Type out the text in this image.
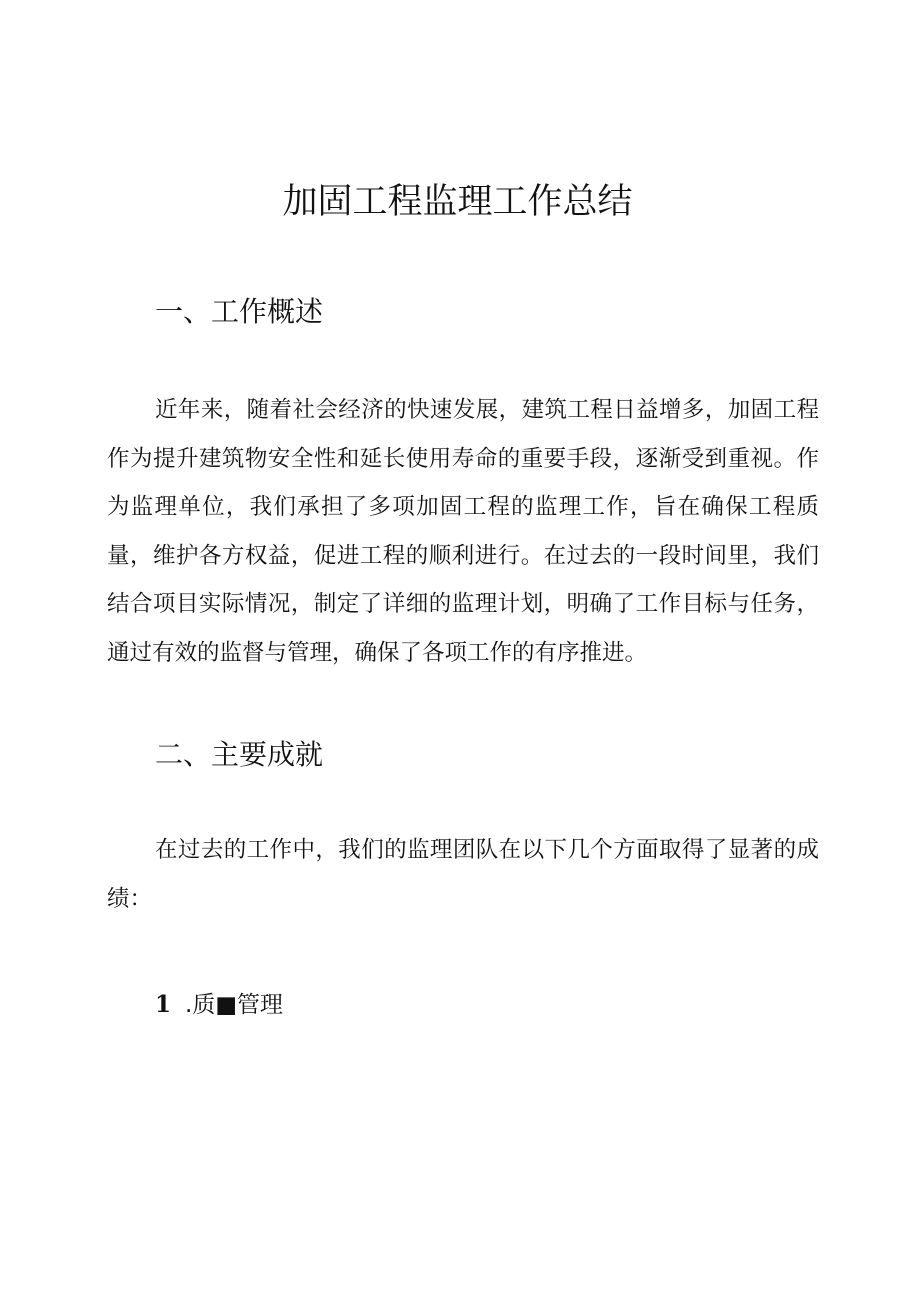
加固工程监理工作总结
一、工作概述
近年来，随着社会经济的快速发展，建筑工程日益增多，加固工程作为提升建筑物安全性和延长使用寿命的重要手段，逐渐受到重视。作为监理单位，我们承担了多项加固工程的监理工作，旨在确保工程质量，维护各方权益，促进工程的顺利进行。在过去的一段时间里，我们结合项目实际情况，制定了详细的监理计划，明确了工作目标与任务，通过有效的监督与管理，确保了各项工作的有序推进。
二、主要成就
在过去的工作中，我们的监理团队在以下几个方面取得了显著的成绩：
1 .质■管理
